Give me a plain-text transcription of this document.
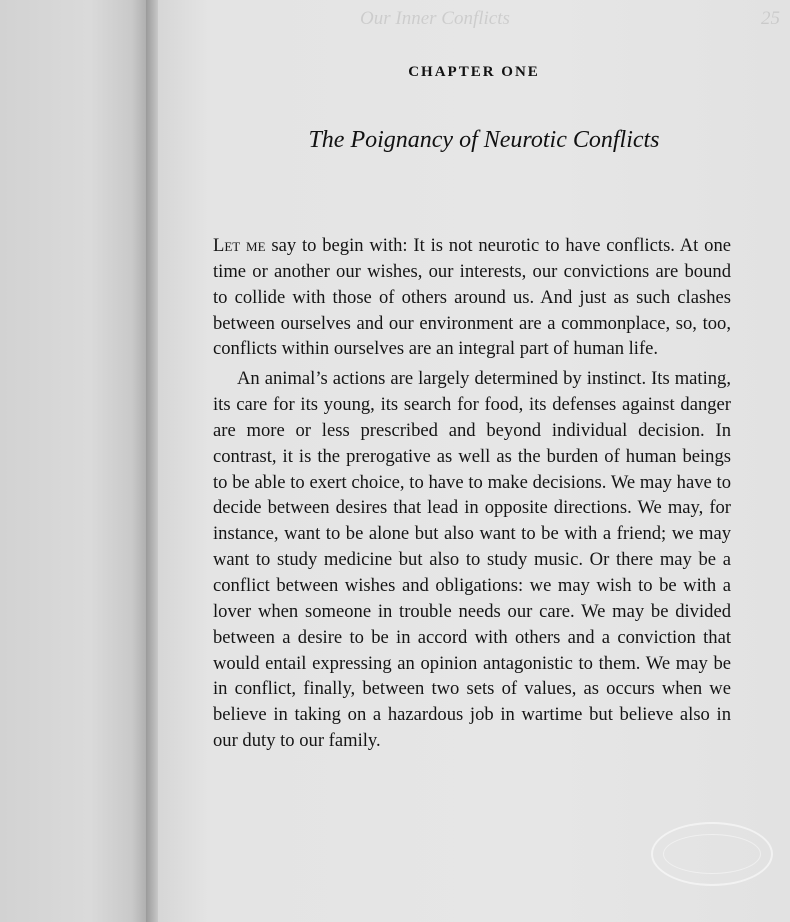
Our Inner Conflicts	25
CHAPTER ONE
The Poignancy of Neurotic Conflicts

Let me say to begin with: It is not neurotic to have conflicts. At one time or another our wishes, our interests, our convictions are bound to collide with those of others around us. And just as such clashes between ourselves and our environment are a commonplace, so, too, conflicts within ourselves are an integral part of human life.

An animal’s actions are largely determined by instinct. Its mating, its care for its young, its search for food, its defenses against danger are more or less prescribed and beyond individual decision. In contrast, it is the prerogative as well as the burden of human beings to be able to exert choice, to have to make decisions. We may have to decide between desires that lead in opposite directions. We may, for instance, want to be alone but also want to be with a friend; we may want to study medicine but also to study music. Or there may be a conflict between wishes and obligations: we may wish to be with a lover when someone in trouble needs our care. We may be divided between a desire to be in accord with others and a conviction that would entail expressing an opinion antagonistic to them. We may be in conflict, finally, between two sets of values, as occurs when we believe in taking on a hazardous job in wartime but believe also in our duty to our family.
